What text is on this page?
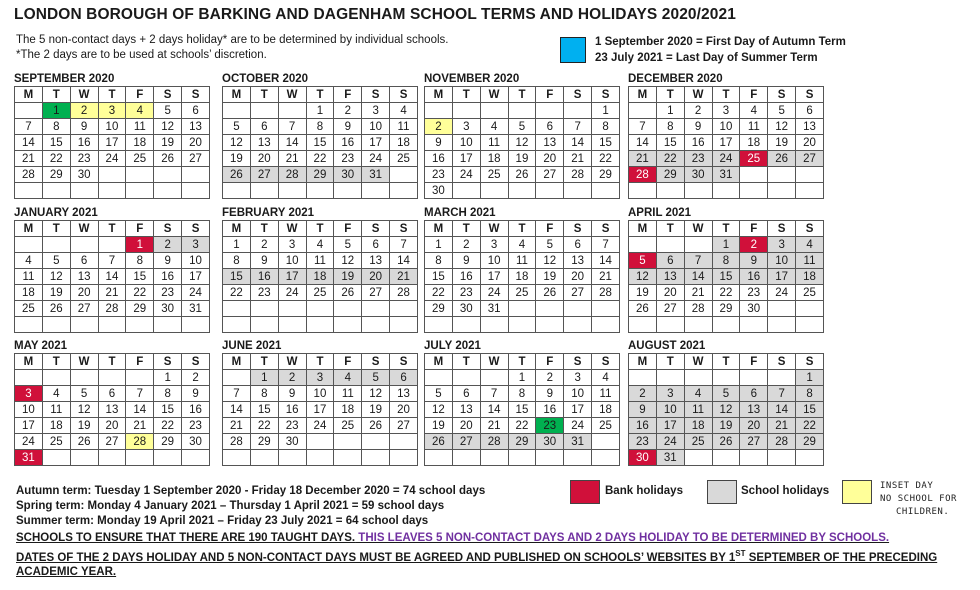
LONDON BOROUGH OF BARKING AND DAGENHAM SCHOOL TERMS AND HOLIDAYS 2020/2021
The 5 non-contact days + 2 days holiday* are to be determined by individual schools.
*The 2 days are to be used at schools’ discretion.
1 September 2020 = First Day of Autumn Term
23 July 2021 = Last Day of Summer Term
SEPTEMBER 2020
M	T	W	T	F	S	S
	1	2	3	4	5	6
7	8	9	10	11	12	13
14	15	16	17	18	19	20
21	22	23	24	25	26	27
28	29	30				

OCTOBER 2020
M	T	W	T	F	S	S
			1	2	3	4
5	6	7	8	9	10	11
12	13	14	15	16	17	18
19	20	21	22	23	24	25
26	27	28	29	30	31	

NOVEMBER 2020
M	T	W	T	F	S	S
						1
2	3	4	5	6	7	8
9	10	11	12	13	14	15
16	17	18	19	20	21	22
23	24	25	26	27	28	29
30						
DECEMBER 2020
M	T	W	T	F	S	S
	1	2	3	4	5	6
7	8	9	10	11	12	13
14	15	16	17	18	19	20
21	22	23	24	25	26	27
28	29	30	31			

JANUARY 2021
M	T	W	T	F	S	S
				1	2	3
4	5	6	7	8	9	10
11	12	13	14	15	16	17
18	19	20	21	22	23	24
25	26	27	28	29	30	31

FEBRUARY 2021
M	T	W	T	F	S	S
1	2	3	4	5	6	7
8	9	10	11	12	13	14
15	16	17	18	19	20	21
22	23	24	25	26	27	28

MARCH 2021
M	T	W	T	F	S	S
1	2	3	4	5	6	7
8	9	10	11	12	13	14
15	16	17	18	19	20	21
22	23	24	25	26	27	28
29	30	31				

APRIL 2021
M	T	W	T	F	S	S
			1	2	3	4
5	6	7	8	9	10	11
12	13	14	15	16	17	18
19	20	21	22	23	24	25
26	27	28	29	30		

MAY 2021
M	T	W	T	F	S	S
					1	2
3	4	5	6	7	8	9
10	11	12	13	14	15	16
17	18	19	20	21	22	23
24	25	26	27	28	29	30
31						
JUNE 2021
M	T	W	T	F	S	S
	1	2	3	4	5	6
7	8	9	10	11	12	13
14	15	16	17	18	19	20
21	22	23	24	25	26	27
28	29	30				

JULY 2021
M	T	W	T	F	S	S
			1	2	3	4
5	6	7	8	9	10	11
12	13	14	15	16	17	18
19	20	21	22	23	24	25
26	27	28	29	30	31	

AUGUST 2021
M	T	W	T	F	S	S
						1
2	3	4	5	6	7	8
9	10	11	12	13	14	15
16	17	18	19	20	21	22
23	24	25	26	27	28	29
30	31					
Autumn term: Tuesday 1 September 2020 - Friday 18 December 2020 = 74 school days
Spring term: Monday 4 January 2021 – Thursday 1 April 2021 = 59 school days
Summer term: Monday 19 April 2021 – Friday 23 July 2021 = 64 school days
Bank holidays	School holidays	INSET DAY
NO SCHOOL FOR
CHILDREN.
SCHOOLS TO ENSURE THAT THERE ARE 190 TAUGHT DAYS. THIS LEAVES 5 NON-CONTACT DAYS AND 2 DAYS HOLIDAY TO BE DETERMINED BY SCHOOLS.
DATES OF THE 2 DAYS HOLIDAY AND 5 NON-CONTACT DAYS MUST BE AGREED AND PUBLISHED ON SCHOOLS’ WEBSITES BY 1ST SEPTEMBER OF THE PRECEDING
ACADEMIC YEAR.
